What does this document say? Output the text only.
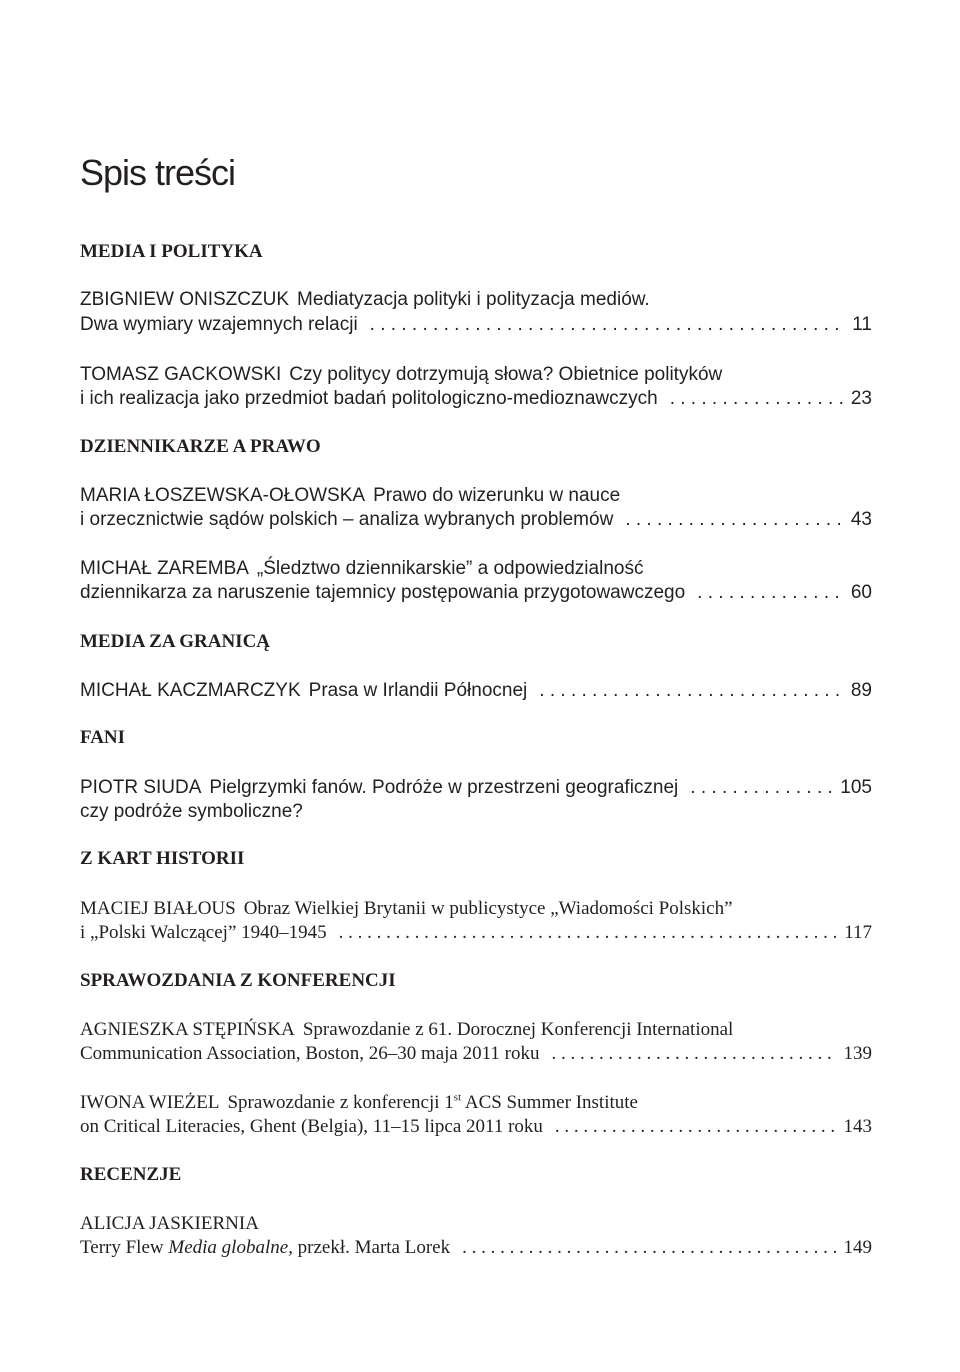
Spis treści
MEDIA I POLITYKA
ZBIGNIEW ONISZCZUK Mediatyzacja polityki i polityzacja mediów.
Dwa wymiary wzajemnych relacji . . .	11
TOMASZ GACKOWSKI Czy politycy dotrzymują słowa? Obietnice polityków
i ich realizacja jako przedmiot badań politologiczno-medioznawczych . . .	23
DZIENNIKARZE A PRAWO
MARIA ŁOSZEWSKA-OŁOWSKA Prawo do wizerunku w nauce
i orzecznictwie sądów polskich – analiza wybranych problemów . . .	43
MICHAŁ ZAREMBA „Śledztwo dziennikarskie” a odpowiedzialność
dziennikarza za naruszenie tajemnicy postępowania przygotowawczego . . .	60
MEDIA ZA GRANICĄ
MICHAŁ KACZMARCZYK Prasa w Irlandii Północnej . . .	89
FANI
PIOTR SIUDA Pielgrzymki fanów. Podróże w przestrzeni geograficznej . . .	105
czy podróże symboliczne?
Z KART HISTORII
MACIEJ BIAŁOUS Obraz Wielkiej Brytanii w publicystyce „Wiadomości Polskich”
i „Polski Walczącej” 1940–1945 . . .	117
SPRAWOZDANIA Z KONFERENCJI
AGNIESZKA STĘPIŃSKA Sprawozdanie z 61. Dorocznej Konferencji International
Communication Association, Boston, 26–30 maja 2011 roku . . .	139
IWONA WIEŻEL Sprawozdanie z konferencji 1st ACS Summer Institute
on Critical Literacies, Ghent (Belgia), 11–15 lipca 2011 roku . . .	143
RECENZJE
ALICJA JASKIERNIA
Terry Flew Media globalne, przekł. Marta Lorek . . .	149
